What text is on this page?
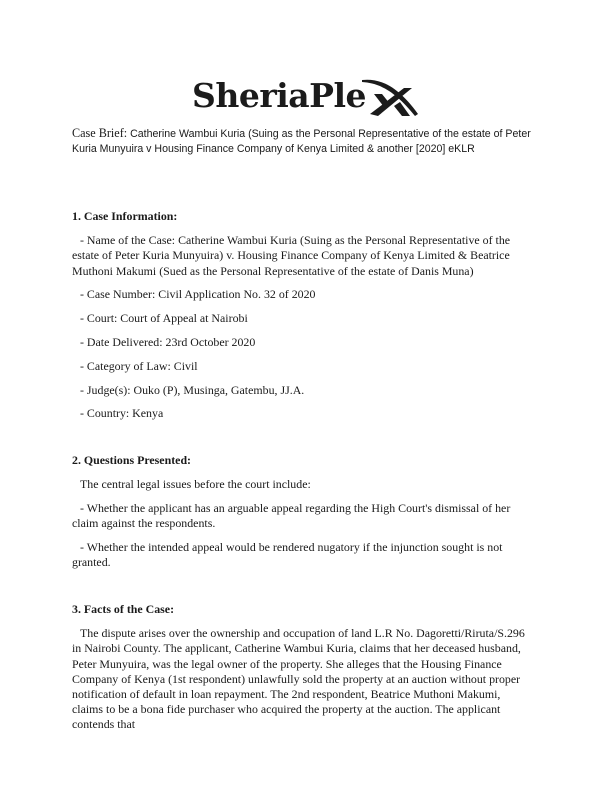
SheriaPle
Case Brief: Catherine Wambui Kuria (Suing as the Personal Representative of the estate of Peter Kuria Munyuira v Housing Finance Company of Kenya Limited & another [2020] eKLR
1. Case Information:

- Name of the Case: Catherine Wambui Kuria (Suing as the Personal Representative of the estate of Peter Kuria Munyuira) v. Housing Finance Company of Kenya Limited & Beatrice Muthoni Makumi (Sued as the Personal Representative of the estate of Danis Muna)

- Case Number: Civil Application No. 32 of 2020

- Court: Court of Appeal at Nairobi

- Date Delivered: 23rd October 2020

- Category of Law: Civil

- Judge(s): Ouko (P), Musinga, Gatembu, JJ.A.

- Country: Kenya

2. Questions Presented:

The central legal issues before the court include:

- Whether the applicant has an arguable appeal regarding the High Court's dismissal of her claim against the respondents.

- Whether the intended appeal would be rendered nugatory if the injunction sought is not granted.

3. Facts of the Case:

The dispute arises over the ownership and occupation of land L.R No. Dagoretti/Riruta/S.296 in Nairobi County. The applicant, Catherine Wambui Kuria, claims that her deceased husband, Peter Munyuira, was the legal owner of the property. She alleges that the Housing Finance Company of Kenya (1st respondent) unlawfully sold the property at an auction without proper notification of default in loan repayment. The 2nd respondent, Beatrice Muthoni Makumi, claims to be a bona fide purchaser who acquired the property at the auction. The applicant contends that
